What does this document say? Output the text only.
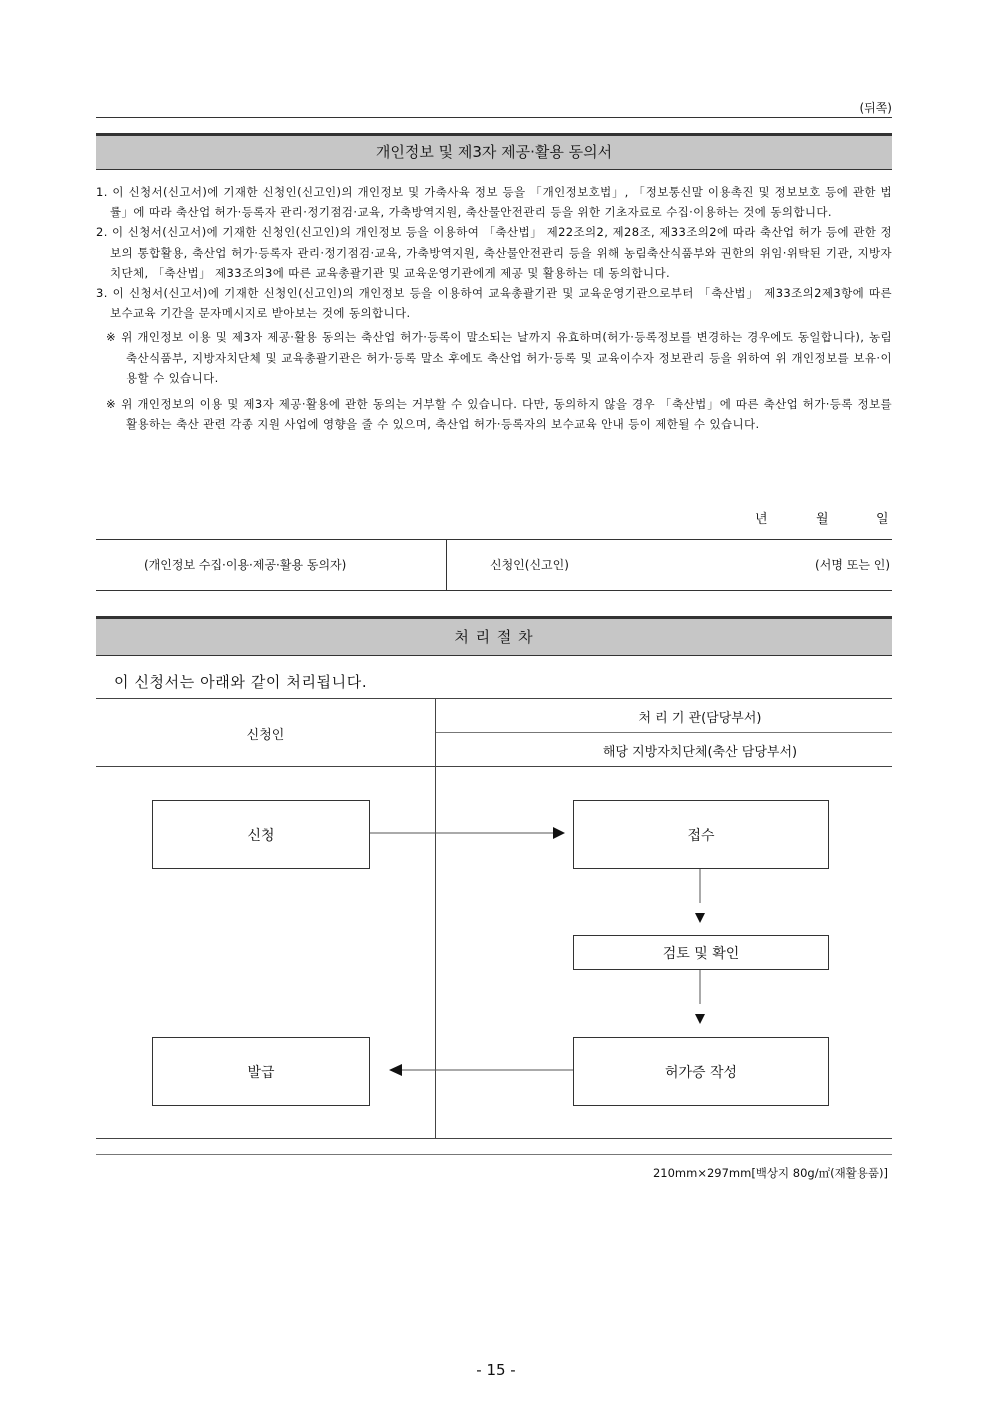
(뒤쪽)
개인정보 및 제3자 제공·활용 동의서

1. 이 신청서(신고서)에 기재한 신청인(신고인)의 개인정보 및 가축사육 정보 등을 「개인정보호법」, 「정보통신말 이용촉진 및 정보보호 등에 관한 법률」에 따라 축산업 허가·등록자 관리·정기점검·교육, 가축방역지원, 축산물안전관리 등을 위한 기초자료로 수집·이용하는 것에 동의합니다.

2. 이 신청서(신고서)에 기재한 신청인(신고인)의 개인정보 등을 이용하여 「축산법」 제22조의2, 제28조, 제33조의2에 따라 축산업 허가 등에 관한 정보의 통합활용, 축산업 허가·등록자 관리·정기점검·교육, 가축방역지원, 축산물안전관리 등을 위해 농림축산식품부와 권한의 위임·위탁된 기관, 지방자치단체, 「축산법」 제33조의3에 따른 교육총괄기관 및 교육운영기관에게 제공 및 활용하는 데 동의합니다.

3. 이 신청서(신고서)에 기재한 신청인(신고인)의 개인정보 등을 이용하여 교육총괄기관 및 교육운영기관으로부터 「축산법」 제33조의2제3항에 따른 보수교육 기간을 문자메시지로 받아보는 것에 동의합니다.

※ 위 개인정보 이용 및 제3자 제공·활용 동의는 축산업 허가·등록이 말소되는 날까지 유효하며(허가·등록정보를 변경하는 경우에도 동일합니다), 농림축산식품부, 지방자치단체 및 교육총괄기관은 허가·등록 말소 후에도 축산업 허가·등록 및 교육이수자 정보관리 등을 위하여 위 개인정보를 보유·이용할 수 있습니다.

※ 위 개인정보의 이용 및 제3자 제공·활용에 관한 동의는 거부할 수 있습니다. 다만, 동의하지 않을 경우 「축산법」에 따른 축산업 허가·등록 정보를 활용하는 축산 관련 각종 지원 사업에 영향을 줄 수 있으며, 축산업 허가·등록자의 보수교육 안내 등이 제한될 수 있습니다.

년	월	일
(개인정보 수집·이용·제공·활용 동의자)	신청인(신고인)	(서명 또는 인)
처 리 절 차
이 신청서는 아래와 같이 처리됩니다.
신청인
처 리 기 관(담당부서)
해당 지방자치단체(축산 담당부서)
신청	접수
검토 및 확인
허가증 작성
발급
210mm×297mm[백상지 80g/㎡(재활용품)]
- 15 -
